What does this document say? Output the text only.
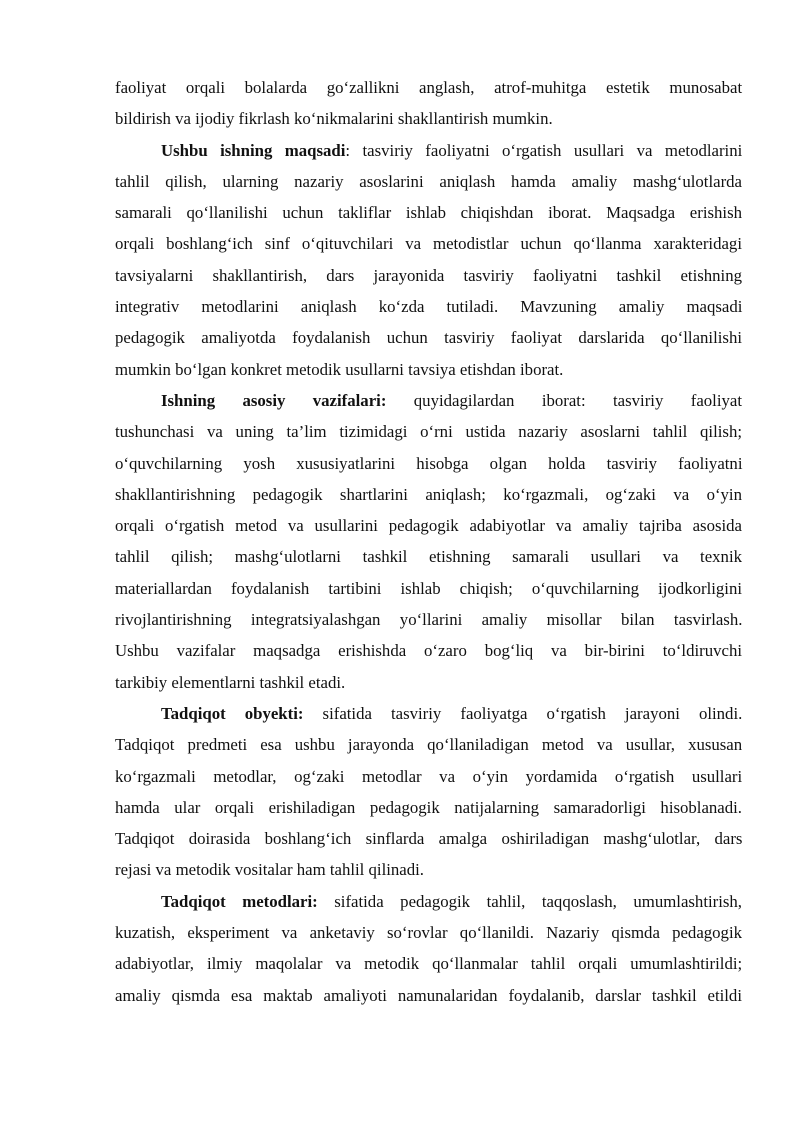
faoliyat orqali bolalarda go‘zallikni anglash, atrof-muhitga estetik munosabat
bildirish va ijodiy fikrlash ko‘nikmalarini shakllantirish mumkin.
Ushbu ishning maqsadi: tasviriy faoliyatni o‘rgatish usullari va metodlarini
tahlil qilish, ularning nazariy asoslarini aniqlash hamda amaliy mashg‘ulotlarda
samarali qo‘llanilishi uchun takliflar ishlab chiqishdan iborat. Maqsadga erishish
orqali boshlang‘ich sinf o‘qituvchilari va metodistlar uchun qo‘llanma xarakteridagi
tavsiyalarni shakllantirish, dars jarayonida tasviriy faoliyatni tashkil etishning
integrativ metodlarini aniqlash ko‘zda tutiladi. Mavzuning amaliy maqsadi
pedagogik amaliyotda foydalanish uchun tasviriy faoliyat darslarida qo‘llanilishi
mumkin bo‘lgan konkret metodik usullarni tavsiya etishdan iborat.
Ishning asosiy vazifalari: quyidagilardan iborat: tasviriy faoliyat
tushunchasi va uning ta’lim tizimidagi o‘rni ustida nazariy asoslarni tahlil qilish;
o‘quvchilarning yosh xususiyatlarini hisobga olgan holda tasviriy faoliyatni
shakllantirishning pedagogik shartlarini aniqlash; ko‘rgazmali, og‘zaki va o‘yin
orqali o‘rgatish metod va usullarini pedagogik adabiyotlar va amaliy tajriba asosida
tahlil qilish; mashg‘ulotlarni tashkil etishning samarali usullari va texnik
materiallardan foydalanish tartibini ishlab chiqish; o‘quvchilarning ijodkorligini
rivojlantirishning integratsiyalashgan yo‘llarini amaliy misollar bilan tasvirlash.
Ushbu vazifalar maqsadga erishishda o‘zaro bog‘liq va bir-birini to‘ldiruvchi
tarkibiy elementlarni tashkil etadi.
Tadqiqot obyekti: sifatida tasviriy faoliyatga o‘rgatish jarayoni olindi.
Tadqiqot predmeti esa ushbu jarayonda qo‘llaniladigan metod va usullar, xususan
ko‘rgazmali metodlar, og‘zaki metodlar va o‘yin yordamida o‘rgatish usullari
hamda ular orqali erishiladigan pedagogik natijalarning samaradorligi hisoblanadi.
Tadqiqot doirasida boshlang‘ich sinflarda amalga oshiriladigan mashg‘ulotlar, dars
rejasi va metodik vositalar ham tahlil qilinadi.
Tadqiqot metodlari: sifatida pedagogik tahlil, taqqoslash, umumlashtirish,
kuzatish, eksperiment va anketaviy so‘rovlar qo‘llanildi. Nazariy qismda pedagogik
adabiyotlar, ilmiy maqolalar va metodik qo‘llanmalar tahlil orqali umumlashtirildi;
amaliy qismda esa maktab amaliyoti namunalaridan foydalanib, darslar tashkil etildi
